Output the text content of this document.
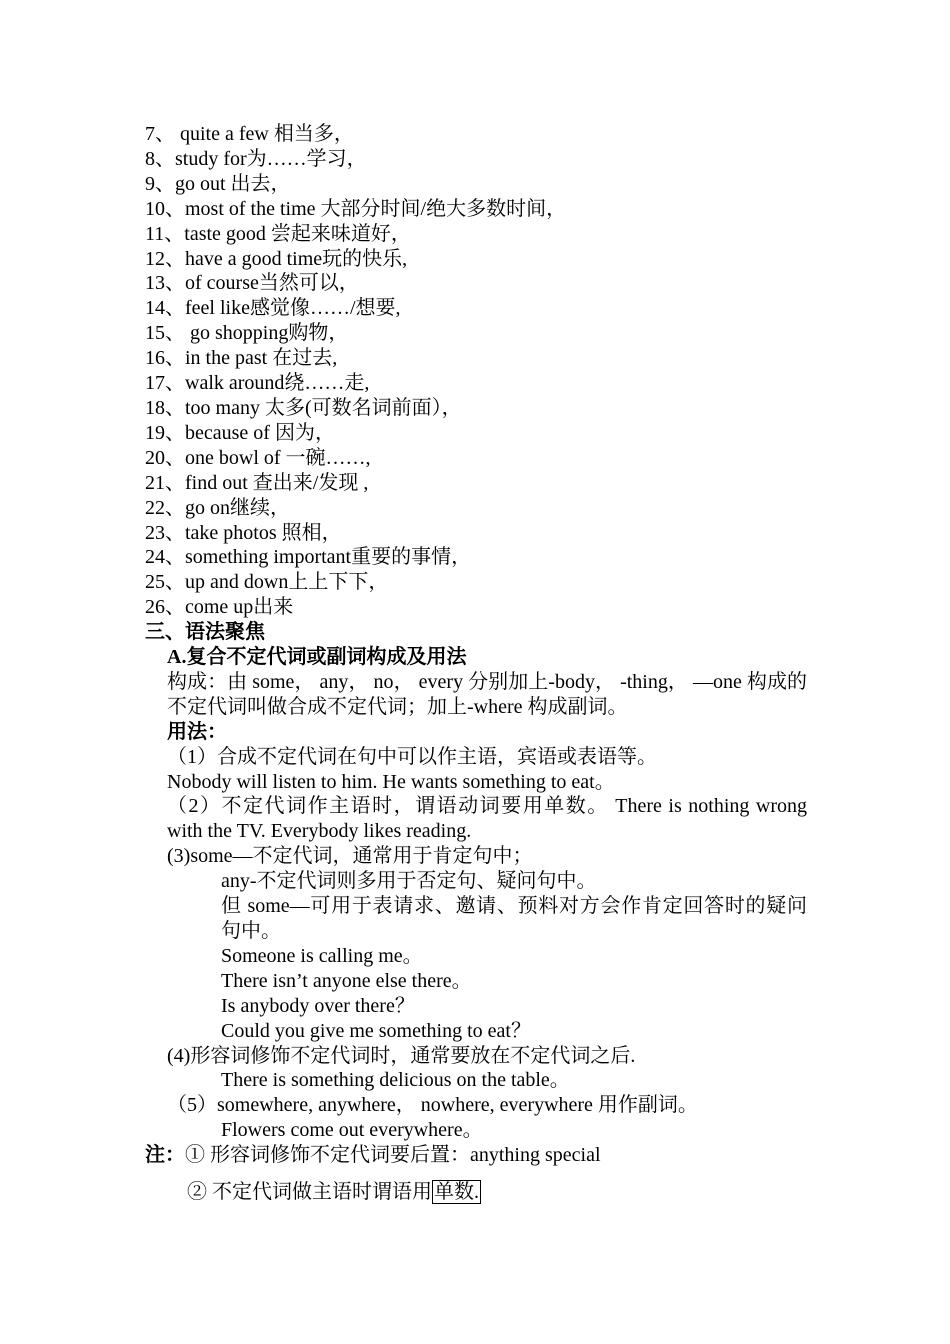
7、 quite a few 相当多，
8、study for为……学习，
9、go out 出去，
10、most of the time 大部分时间/绝大多数时间，
11、taste good 尝起来味道好，
12、have a good time玩的快乐,
13、of course当然可以，
14、feel like感觉像……/想要,
15、 go shopping购物，
16、in the past 在过去,
17、walk around绕……走,
18、too many 太多(可数名词前面），
19、because of 因为，
20、one bowl of 一碗……,
21、find out 查出来/发现 ,
22、go on继续，
23、take photos 照相，
24、something important重要的事情，
25、up and down上上下下，
26、come up出来
三、语法聚焦
A.复合不定代词或副词构成及用法
构成：由 some， any， no， every 分别加上-body， -thing， —one 构成的不定代词叫做合成不定代词；加上-where 构成副词。
用法：
（1）合成不定代词在句中可以作主语，宾语或表语等。
Nobody will listen to him. He wants something to eat。
（2）不定代词作主语时，谓语动词要用单数。 There is nothing wrong with the TV. Everybody likes reading.
(3)some—不定代词，通常用于肯定句中；
any-不定代词则多用于否定句、疑问句中。
但 some—可用于表请求、邀请、预料对方会作肯定回答时的疑问句中。
Someone is calling me。
There isn’t anyone else there。
Is anybody over there？
Could you give me something to eat？
(4)形容词修饰不定代词时，通常要放在不定代词之后.
There is something delicious on the table。
（5）somewhere, anywhere， nowhere, everywhere 用作副词。
Flowers come out everywhere。
注：① 形容词修饰不定代词要后置：anything special
② 不定代词做主语时谓语用 单数.
